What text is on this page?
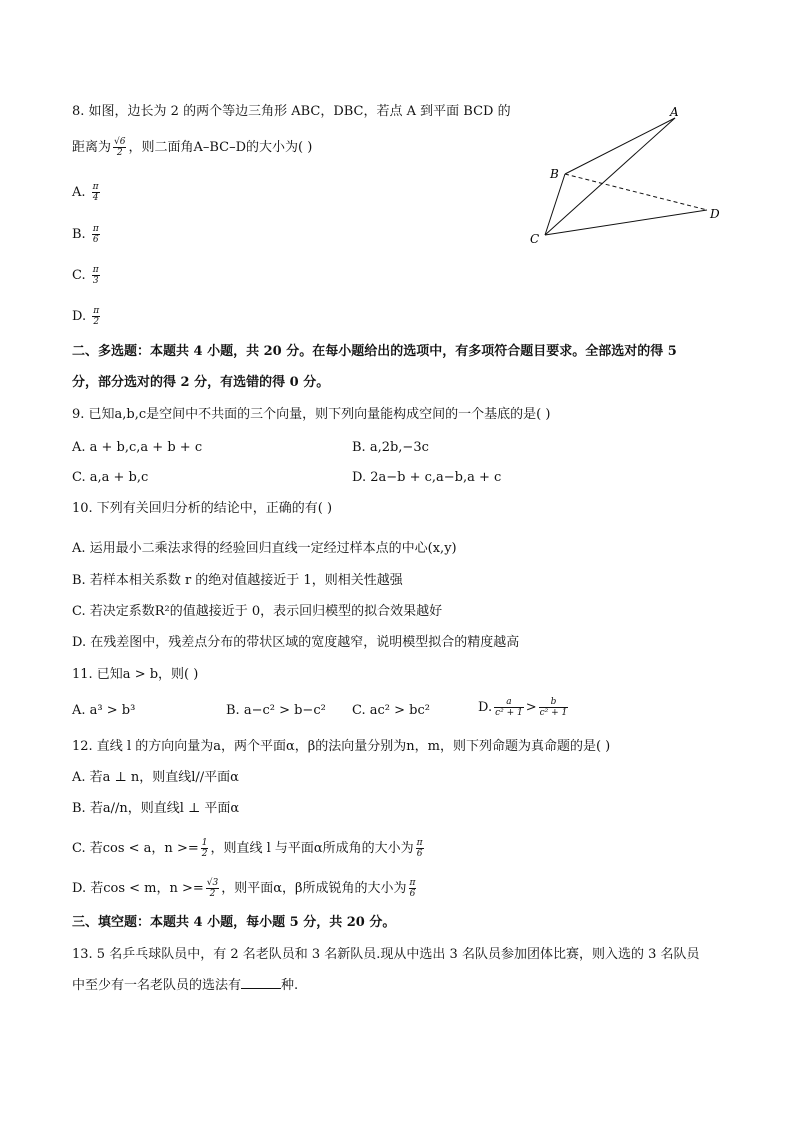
8. 如图，边长为 2 的两个等边三角形 ABC，DBC，若点 A 到平面 BCD 的
距离为 $\frac{√6}{2}$ ，则二面角A–BC–D的大小为( )
A. $\frac{\pi}{4}$
B. $\frac{\pi}{6}$
C. $\frac{\pi}{3}$
D. $\frac{\pi}{2}$
A
B
C
D
二、多选题：本题共 4 小题，共 20 分。在每小题给出的选项中，有多项符合题目要求。全部选对的得 5
分，部分选对的得 2 分，有选错的得 0 分。
9. 已知a,b,c是空间中不共面的三个向量，则下列向量能构成空间的一个基底的是( )
A. a + b,c,a + b + c	B. a,2b,−3c
C. a,a + b,c	D. 2a−b + c,a−b,a + c
10. 下列有关回归分析的结论中，正确的有( )
A. 运用最小二乘法求得的经验回归直线一定经过样本点的中心(x,y)
B. 若样本相关系数 r 的绝对值越接近于 1，则相关性越强
C. 若决定系数R²的值越接近于 0，表示回归模型的拟合效果越好
D. 在残差图中，残差点分布的带状区域的宽度越窄，说明模型拟合的精度越高
11. 已知a > b，则( )
A. a³ > b³	B. a−c² > b−c² C. ac² > bc²	D. $\frac{a}{\text{c² + 1}} > \frac{b}{\text{c² + 1}}$
12. 直线 l 的方向向量为a，两个平面α，β的法向量分别为n，m，则下列命题为真命题的是( )
A. 若a ⊥ n，则直线l//平面α
B. 若a//n，则直线l ⊥ 平面α
C. 若cos < a，$n >= \frac{1}{2}$ ，则直线 l 与平面α所成角的大小为 $\frac{\pi}{6}$
D. 若cos < m，$n >= \frac{√3}{2}$ ，则平面α，β所成锐角的大小为 $\frac{\pi}{6}$
三、填空题：本题共 4 小题，每小题 5 分，共 20 分。
13. 5 名乒乓球队员中，有 2 名老队员和 3 名新队员.现从中选出 3 名队员参加团体比赛，则入选的 3 名队员
中至少有一名老队员的选法有	种.
